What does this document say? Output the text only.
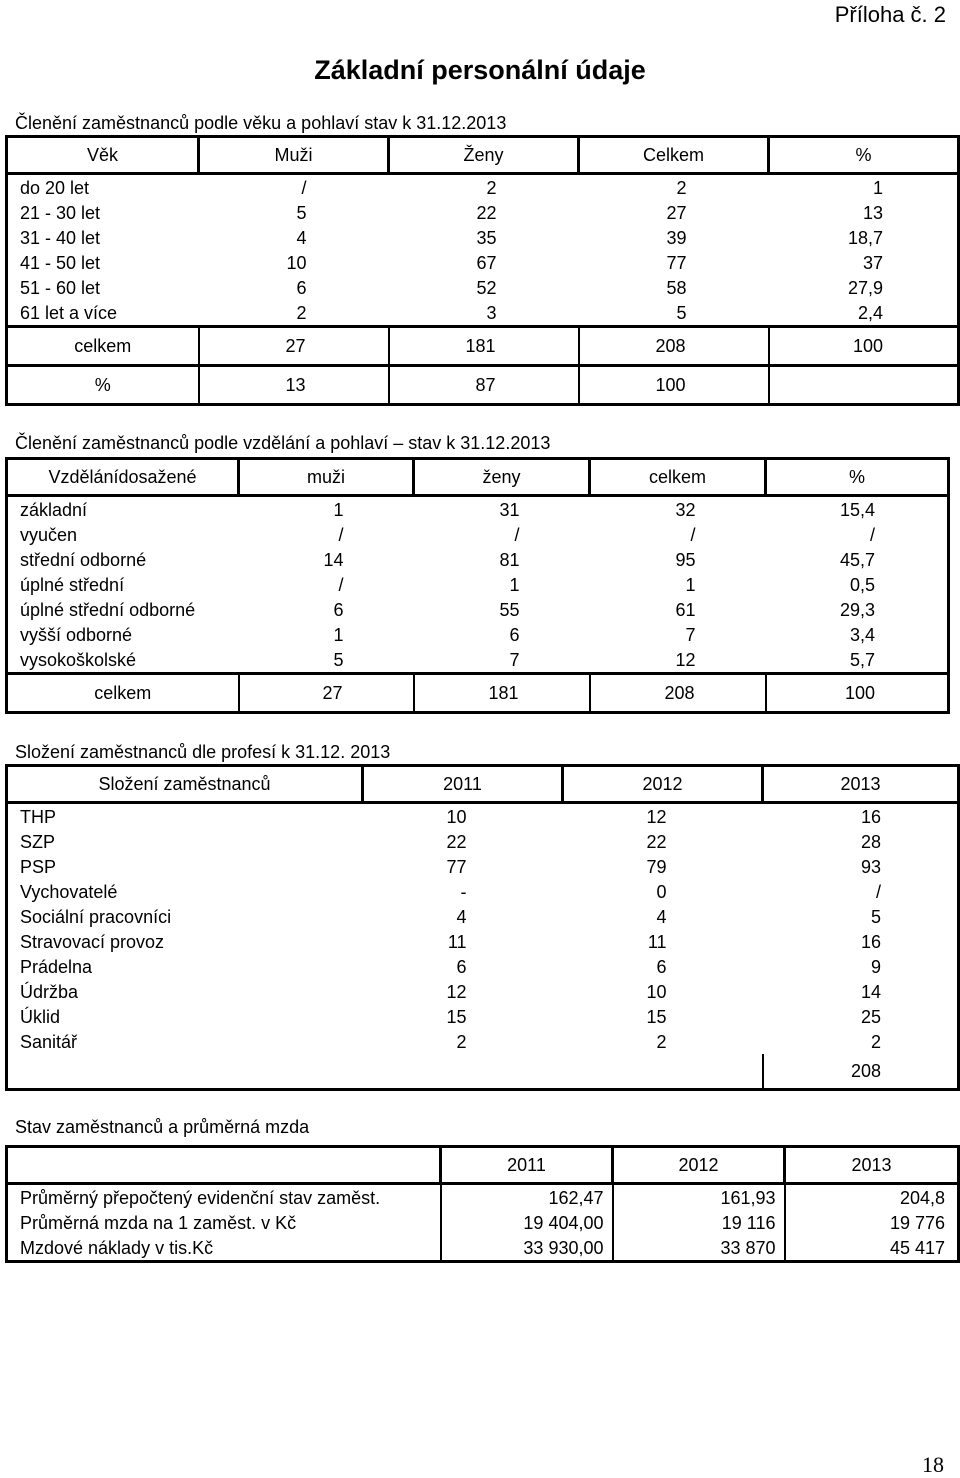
Příloha č. 2
Základní personální údaje
Členění zaměstnanců podle věku a pohlaví stav k 31.12.2013
Věk	Muži	Ženy	Celkem	%
do 20 let	/	2	2	1
21 - 30 let	5	22	27	13
31 - 40 let	4	35	39	18,7
41 - 50 let	10	67	77	37
51 - 60 let	6	52	58	27,9
61 let a více	2	3	5	2,4
celkem	27	181	208	100
%	13	87	100	
Členění zaměstnanců podle vzdělání a pohlaví – stav k 31.12.2013
Vzdělánídosažené	muži	ženy	celkem	%
základní	1	31	32	15,4
vyučen	/	/	/	/
střední odborné	14	81	95	45,7
úplné střední	/	1	1	0,5
úplné střední odborné	6	55	61	29,3
vyšší odborné	1	6	7	3,4
vysokoškolské	5	7	12	5,7
celkem	27	181	208	100
Složení zaměstnanců dle profesí k 31.12. 2013
Složení zaměstnanců	2011	2012	2013
THP	10	12	16
SZP	22	22	28
PSP	77	79	93
Vychovatelé	-	0	/
Sociální pracovníci	4	4	5
Stravovací provoz	11	11	16
Prádelna	6	6	9
Údržba	12	10	14
Úklid	15	15	25
Sanitář	2	2	2
			208
Stav zaměstnanců a průměrná mzda
	2011	2012	2013
Průměrný přepočtený evidenční stav zaměst.	162,47	161,93	204,8
Průměrná mzda na 1 zaměst. v Kč	19 404,00	19 116	19 776
Mzdové náklady v tis.Kč	33 930,00	33 870	45 417
18
